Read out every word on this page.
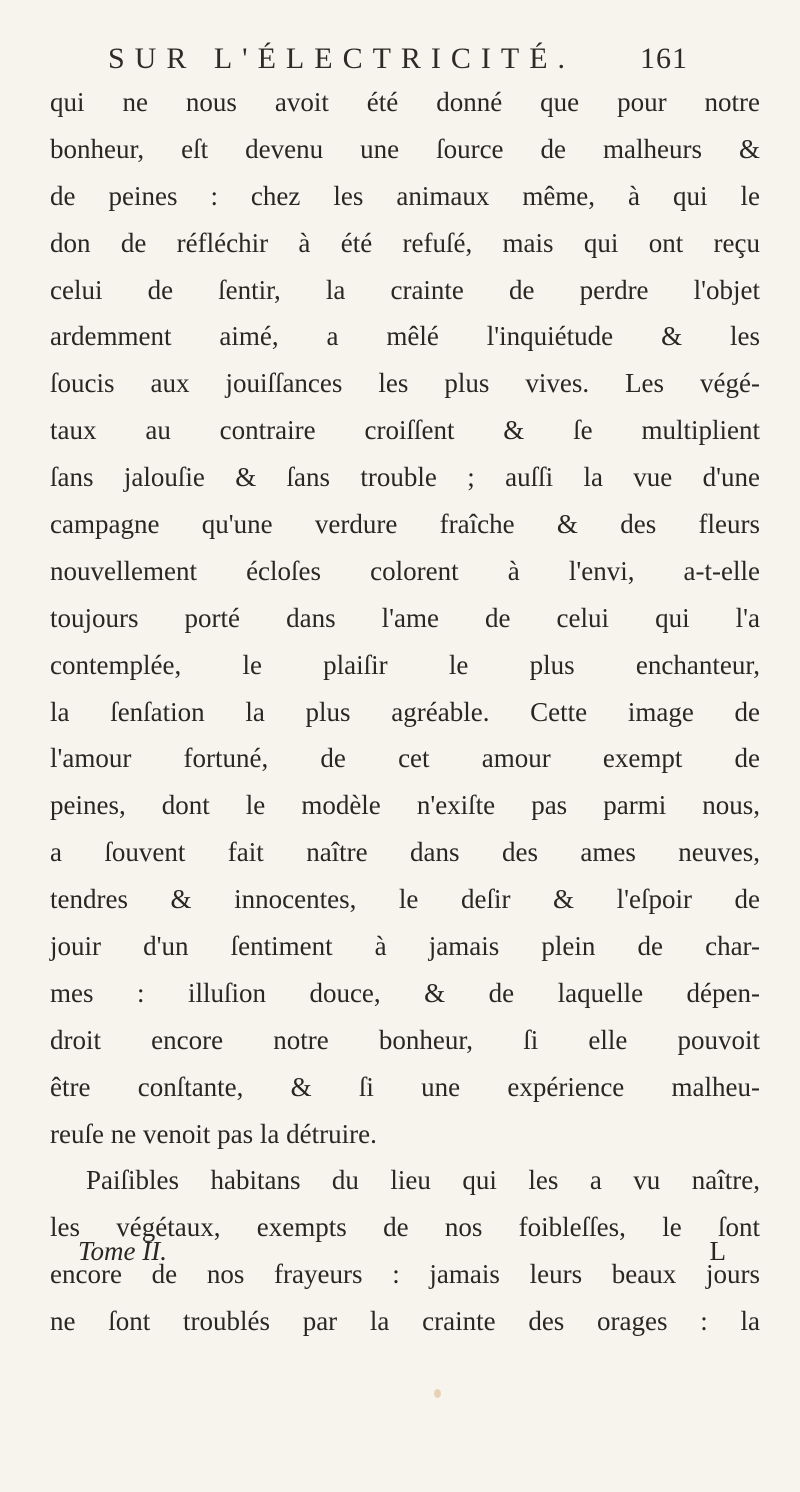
SUR L'ÉLECTRICITÉ. 161
qui ne nous avoit été donné que pour notre
bonheur, eſt devenu une ſource de malheurs &
de peines : chez les animaux même, à qui le
don de réfléchir à été refuſé, mais qui ont reçu
celui de ſentir, la crainte de perdre l'objet
ardemment aimé, a mêlé l'inquiétude & les
ſoucis aux jouiſſances les plus vives. Les végé-
taux au contraire croiſſent & ſe multiplient
ſans jalouſie & ſans trouble ; auſſi la vue d'une
campagne qu'une verdure fraîche & des fleurs
nouvellement écloſes colorent à l'envi, a-t-elle
toujours porté dans l'ame de celui qui l'a
contemplée, le plaiſir le plus enchanteur,
la ſenſation la plus agréable. Cette image de
l'amour fortuné, de cet amour exempt de
peines, dont le modèle n'exiſte pas parmi nous,
a ſouvent fait naître dans des ames neuves,
tendres & innocentes, le deſir & l'eſpoir de
jouir d'un ſentiment à jamais plein de char-
mes : illuſion douce, & de laquelle dépen-
droit encore notre bonheur, ſi elle pouvoit
être conſtante, & ſi une expérience malheu-
reuſe ne venoit pas la détruire.
Paiſibles habitans du lieu qui les a vu naître,
les végétaux, exempts de nos foibleſſes, le ſont
encore de nos frayeurs : jamais leurs beaux jours
ne ſont troublés par la crainte des orages : la
Tome II.	L
